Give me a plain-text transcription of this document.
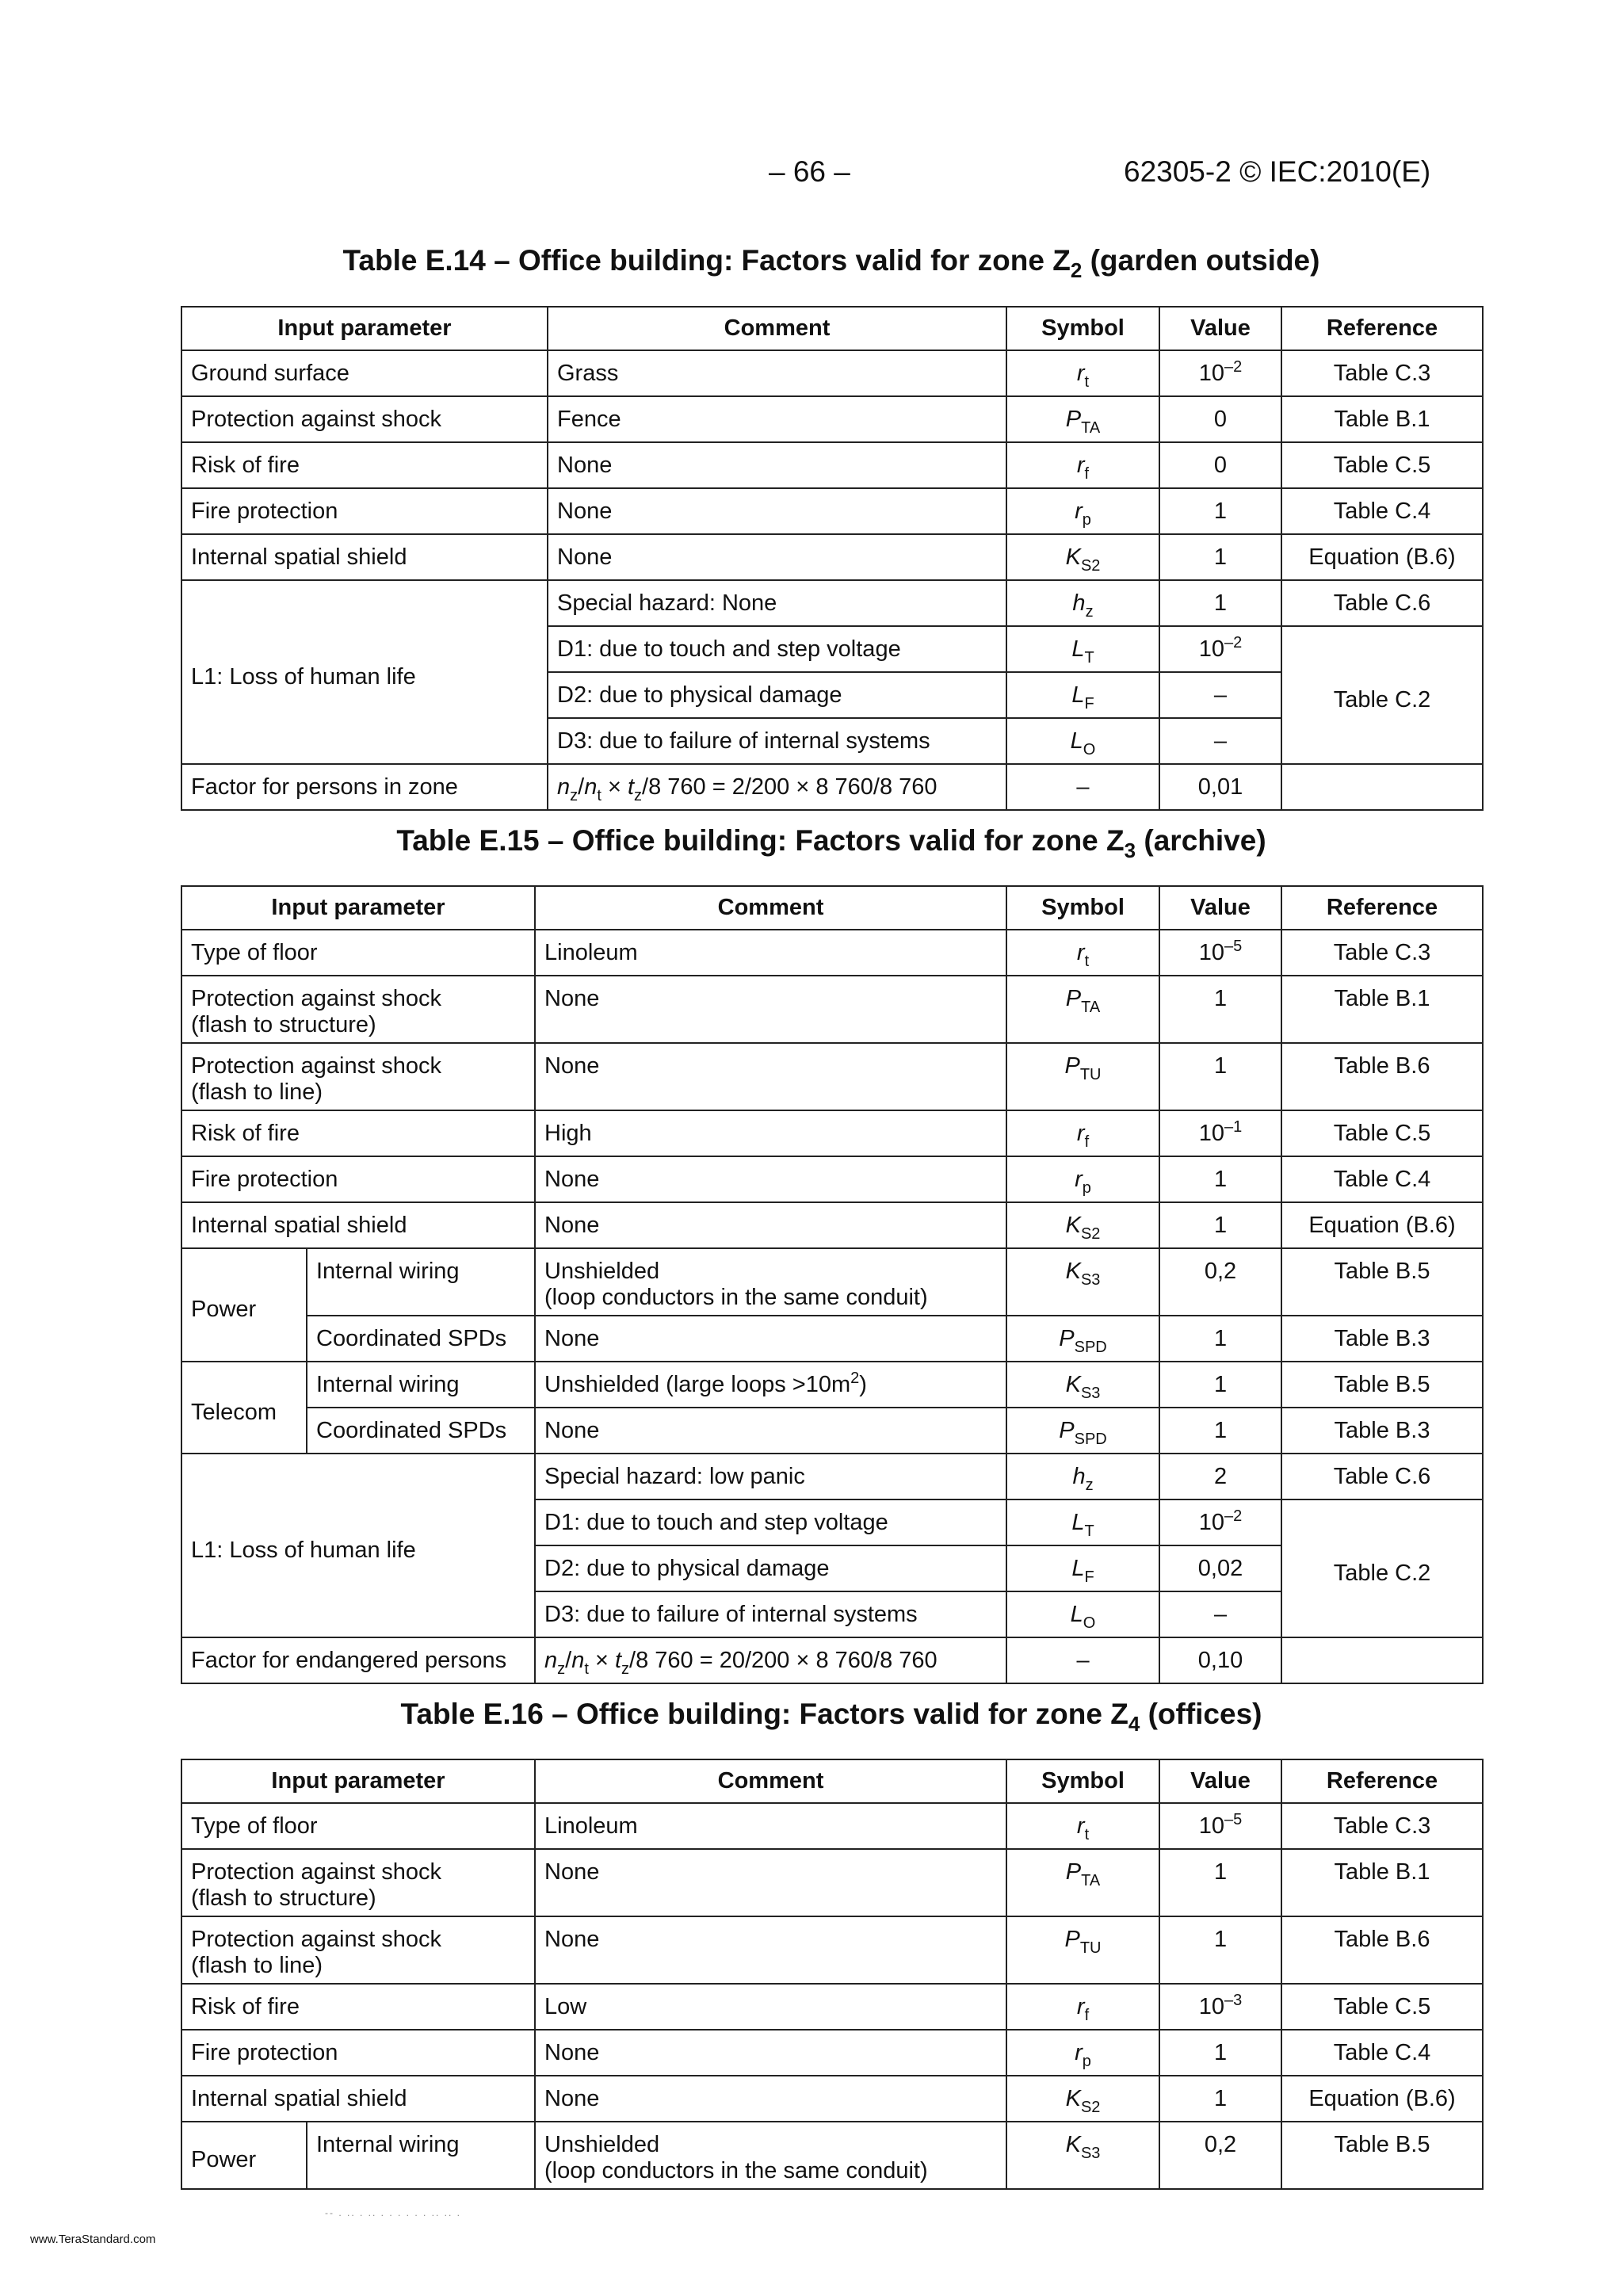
– 66 –	62305-2 © IEC:2010(E)
Table E.14 – Office building: Factors valid for zone $Z_2$ (garden outside)
Input parameter	Comment	Symbol	Value	Reference
Ground surface	Grass	$r_t$	$10^{-2}$	Table C.3
Protection against shock	Fence	$P_{TA}$	0	Table B.1
Risk of fire	None	$r_f$	0	Table C.5
Fire protection	None	$r_p$	1	Table C.4
Internal spatial shield	None	$K_{S2}$	1	Equation (B.6)
L1: Loss of human life	Special hazard: None	$h_z$	1	Table C.6
	D1: due to touch and step voltage	$L_T$	$10^{-2}$	Table C.2
	D2: due to physical damage	$L_F$	–	
	D3: due to failure of internal systems	$L_O$	–	
Factor for persons in zone	$n_z/n_t \times t_z/8$ 760 = 2/200 × 8 760/8 760	–	0,01	
Table E.15 – Office building: Factors valid for zone $Z_3$ (archive)
Input parameter		Comment	Symbol	Value	Reference
Type of floor		Linoleum	$r_t$	$10^{-5}$	Table C.3
Protection against shock
(flash to structure)		None	$P_{TA}$	1	Table B.1
Protection against shock
(flash to line)		None	$P_{TU}$	1	Table B.6
Risk of fire		High	$r_f$	$10^{-1}$	Table C.5
Fire protection		None	$r_p$	1	Table C.4
Internal spatial shield		None	$K_{S2}$	1	Equation (B.6)
Power	Internal wiring	Unshielded
(loop conductors in the same conduit)	$K_{S3}$	0,2	Table B.5
	Coordinated SPDs	None	$P_{SPD}$	1	Table B.3
Telecom	Internal wiring	Unshielded (large loops $>10m^2$)	$K_{S3}$	1	Table B.5
	Coordinated SPDs	None	$P_{SPD}$	1	Table B.3
L1: Loss of human life		Special hazard: low panic	$h_z$	2	Table C.6
		D1: due to touch and step voltage	$L_T$	$10^{-2}$	Table C.2
		D2: due to physical damage	$L_F$	0,02	
		D3: due to failure of internal systems	$L_O$	–	
Factor for endangered persons		$n_z/n_t \times t_z/8$ 760 = 20/200 × 8 760/8 760	–	0,10	
Table E.16 – Office building: Factors valid for zone $Z_4$ (offices)
Input parameter		Comment	Symbol	Value	Reference
Type of floor		Linoleum	$r_t$	$10^{-5}$	Table C.3
Protection against shock
(flash to structure)		None	$P_{TA}$	1	Table B.1
Protection against shock
(flash to line)		None	$P_{TU}$	1	Table B.6
Risk of fire		Low	$r_f$	$10^{-3}$	Table C.5
Fire protection		None	$r_p$	1	Table C.4
Internal spatial shield		None	$K_{S2}$	1	Equation (B.6)
Power	Internal wiring	Unshielded
(loop conductors in the same conduit)	$K_{S3}$	0,2	Table B.5
-- . .. . .. . . . . . . .. .. .
www.TeraStandard.com
